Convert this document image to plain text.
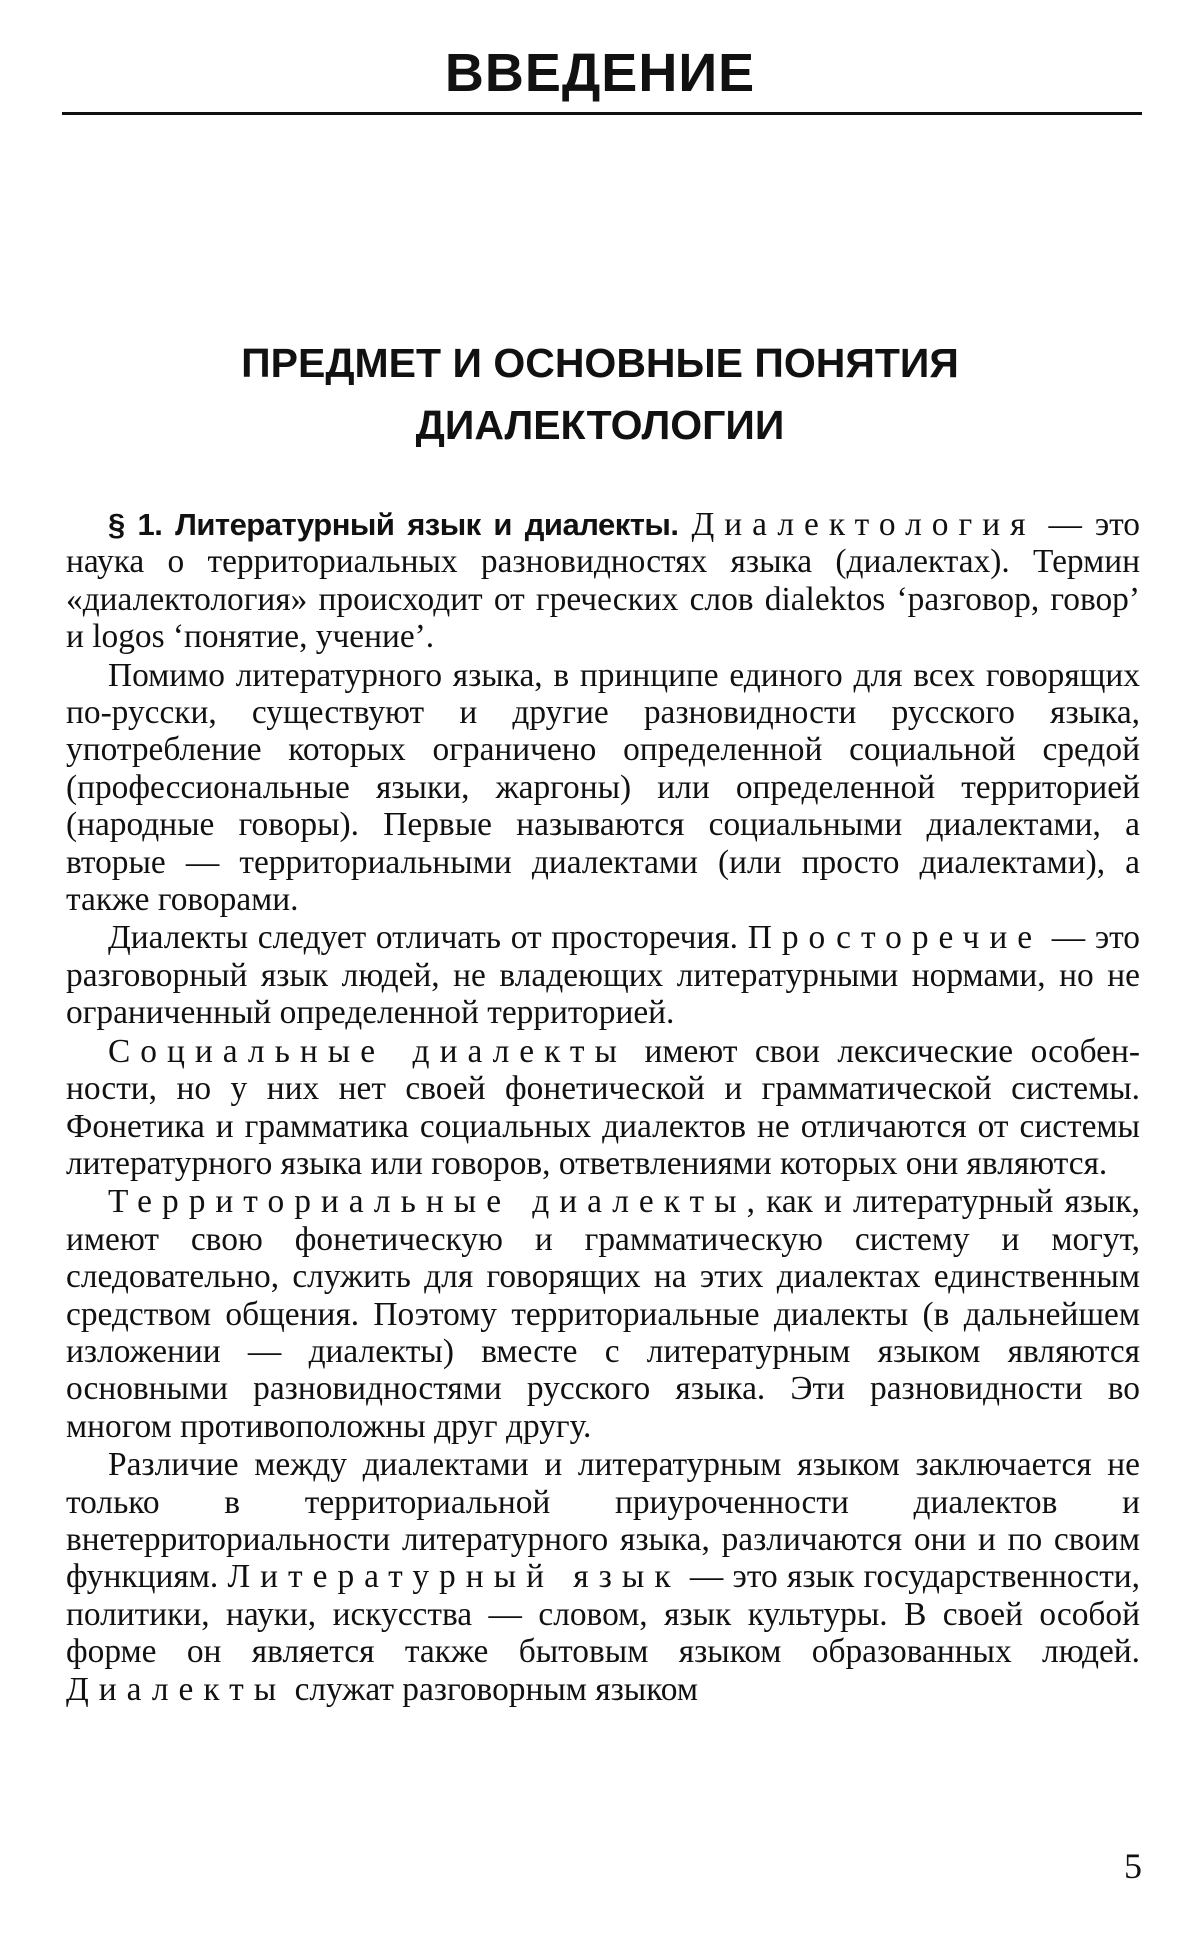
ВВЕДЕНИЕ
ПРЕДМЕТ И ОСНОВНЫЕ ПОНЯТИЯ
ДИАЛЕКТОЛОГИИ

§ 1. Литературный язык и диалекты. Диалектология — это наука о территориальных разновидностях языка (диалектах). Термин «диалектология» происходит от греческих слов dialektos ‘разговор, говор’ и logos ‘понятие, учение’.

Помимо литературного языка, в принципе единого для всех говорящих по-русски, существуют и другие разновидности русского языка, употребление которых ограничено определенной социальной средой (профессиональные языки, жаргоны) или определенной территорией (народные говоры). Первые называются социальными диалектами, а вторые — территориальными диалектами (или просто диалектами), а также говорами.

Диалекты следует отличать от просторечия. Просторечие — это разговорный язык людей, не владеющих литературными нормами, но не ограниченный определенной территорией.

Социальные диалекты имеют свои лексические особенности, но у них нет своей фонетической и грамматической системы. Фонетика и грамматика социальных диалектов не отличаются от системы литературного языка или говоров, ответвлениями которых они являются.

Территориальные диалекты, как и литературный язык, имеют свою фонетическую и грамматическую систему и могут, следовательно, служить для говорящих на этих диалектах единственным средством общения. Поэтому территориальные диалекты (в дальнейшем изложении — диалекты) вместе с литературным языком являются основными разновидностями русского языка. Эти разновидности во многом противоположны друг другу.

Различие между диалектами и литературным языком заключается не только в территориальной приуроченности диалектов и внетерриториальности литературного языка, различаются они и по своим функциям. Литературный язык — это язык государственности, политики, науки, искусства — словом, язык культуры. В своей особой форме он является также бытовым языком образованных людей. Диалекты служат разговорным языком

5
